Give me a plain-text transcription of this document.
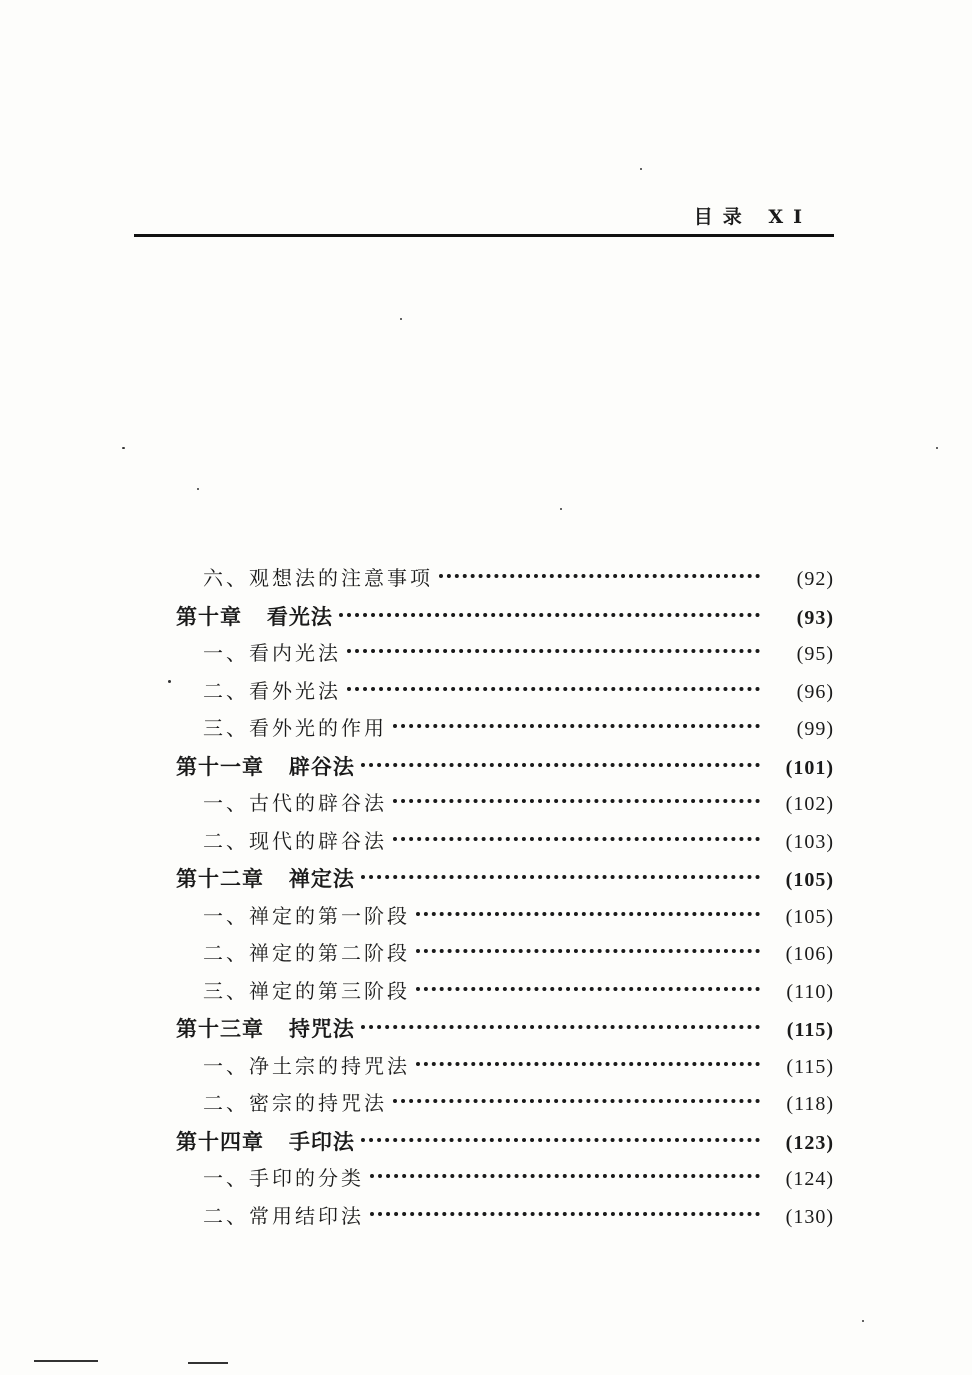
目录 XI
六、观想法的注意事项	(92)
第十章   看光法	(93)
一、看内光法	(95)
二、看外光法	(96)
三、看外光的作用	(99)
第十一章   辟谷法	(101)
一、古代的辟谷法	(102)
二、现代的辟谷法	(103)
第十二章   禅定法	(105)
一、禅定的第一阶段	(105)
二、禅定的第二阶段	(106)
三、禅定的第三阶段	(110)
第十三章   持咒法	(115)
一、净土宗的持咒法	(115)
二、密宗的持咒法	(118)
第十四章   手印法	(123)
一、手印的分类	(124)
二、常用结印法	(130)
